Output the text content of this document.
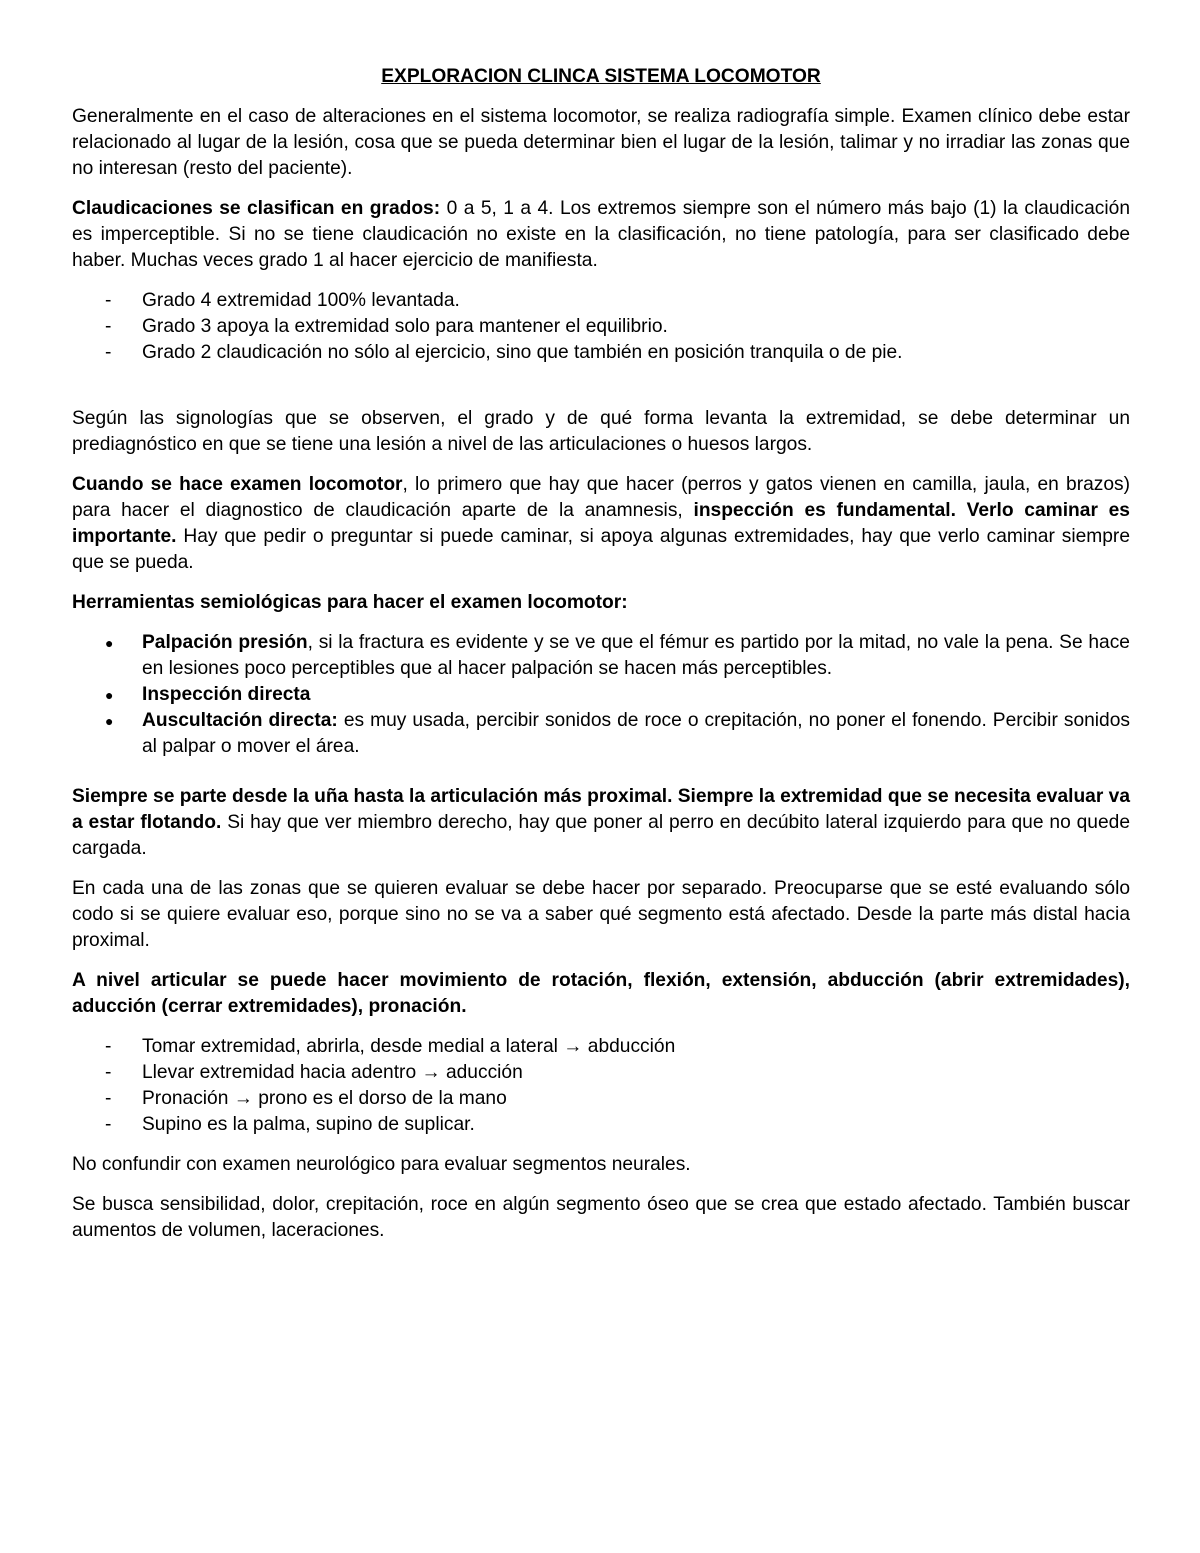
EXPLORACION CLINCA SISTEMA LOCOMOTOR

Generalmente en el caso de alteraciones en el sistema locomotor, se realiza radiografía simple. Examen clínico debe estar relacionado al lugar de la lesión, cosa que se pueda determinar bien el lugar de la lesión, talimar y no irradiar las zonas que no interesan (resto del paciente).

Claudicaciones se clasifican en grados: 0 a 5, 1 a 4. Los extremos siempre son el número más bajo (1) la claudicación es imperceptible. Si no se tiene claudicación no existe en la clasificación, no tiene patología, para ser clasificado debe haber. Muchas veces grado 1 al hacer ejercicio de manifiesta.

- Grado 4 extremidad 100% levantada.
- Grado 3 apoya la extremidad solo para mantener el equilibrio.
- Grado 2 claudicación no sólo al ejercicio, sino que también en posición tranquila o de pie.

Según las signologías que se observen, el grado y de qué forma levanta la extremidad, se debe determinar un prediagnóstico en que se tiene una lesión a nivel de las articulaciones o huesos largos.

Cuando se hace examen locomotor, lo primero que hay que hacer (perros y gatos vienen en camilla, jaula, en brazos) para hacer el diagnostico de claudicación aparte de la anamnesis, inspección es fundamental. Verlo caminar es importante. Hay que pedir o preguntar si puede caminar, si apoya algunas extremidades, hay que verlo caminar siempre que se pueda.

Herramientas semiológicas para hacer el examen locomotor:

● Palpación presión, si la fractura es evidente y se ve que el fémur es partido por la mitad, no vale la pena. Se hace en lesiones poco perceptibles que al hacer palpación se hacen más perceptibles.
● Inspección directa
● Auscultación directa: es muy usada, percibir sonidos de roce o crepitación, no poner el fonendo. Percibir sonidos al palpar o mover el área.

Siempre se parte desde la uña hasta la articulación más proximal. Siempre la extremidad que se necesita evaluar va a estar flotando. Si hay que ver miembro derecho, hay que poner al perro en decúbito lateral izquierdo para que no quede cargada.

En cada una de las zonas que se quieren evaluar se debe hacer por separado. Preocuparse que se esté evaluando sólo codo si se quiere evaluar eso, porque sino no se va a saber qué segmento está afectado. Desde la parte más distal hacia proximal.

A nivel articular se puede hacer movimiento de rotación, flexión, extensión, abducción (abrir extremidades), aducción (cerrar extremidades), pronación.

- Tomar extremidad, abrirla, desde medial a lateral → abducción
- Llevar extremidad hacia adentro → aducción
- Pronación → prono es el dorso de la mano
- Supino es la palma, supino de suplicar.

No confundir con examen neurológico para evaluar segmentos neurales.

Se busca sensibilidad, dolor, crepitación, roce en algún segmento óseo que se crea que estado afectado. También buscar aumentos de volumen, laceraciones.
